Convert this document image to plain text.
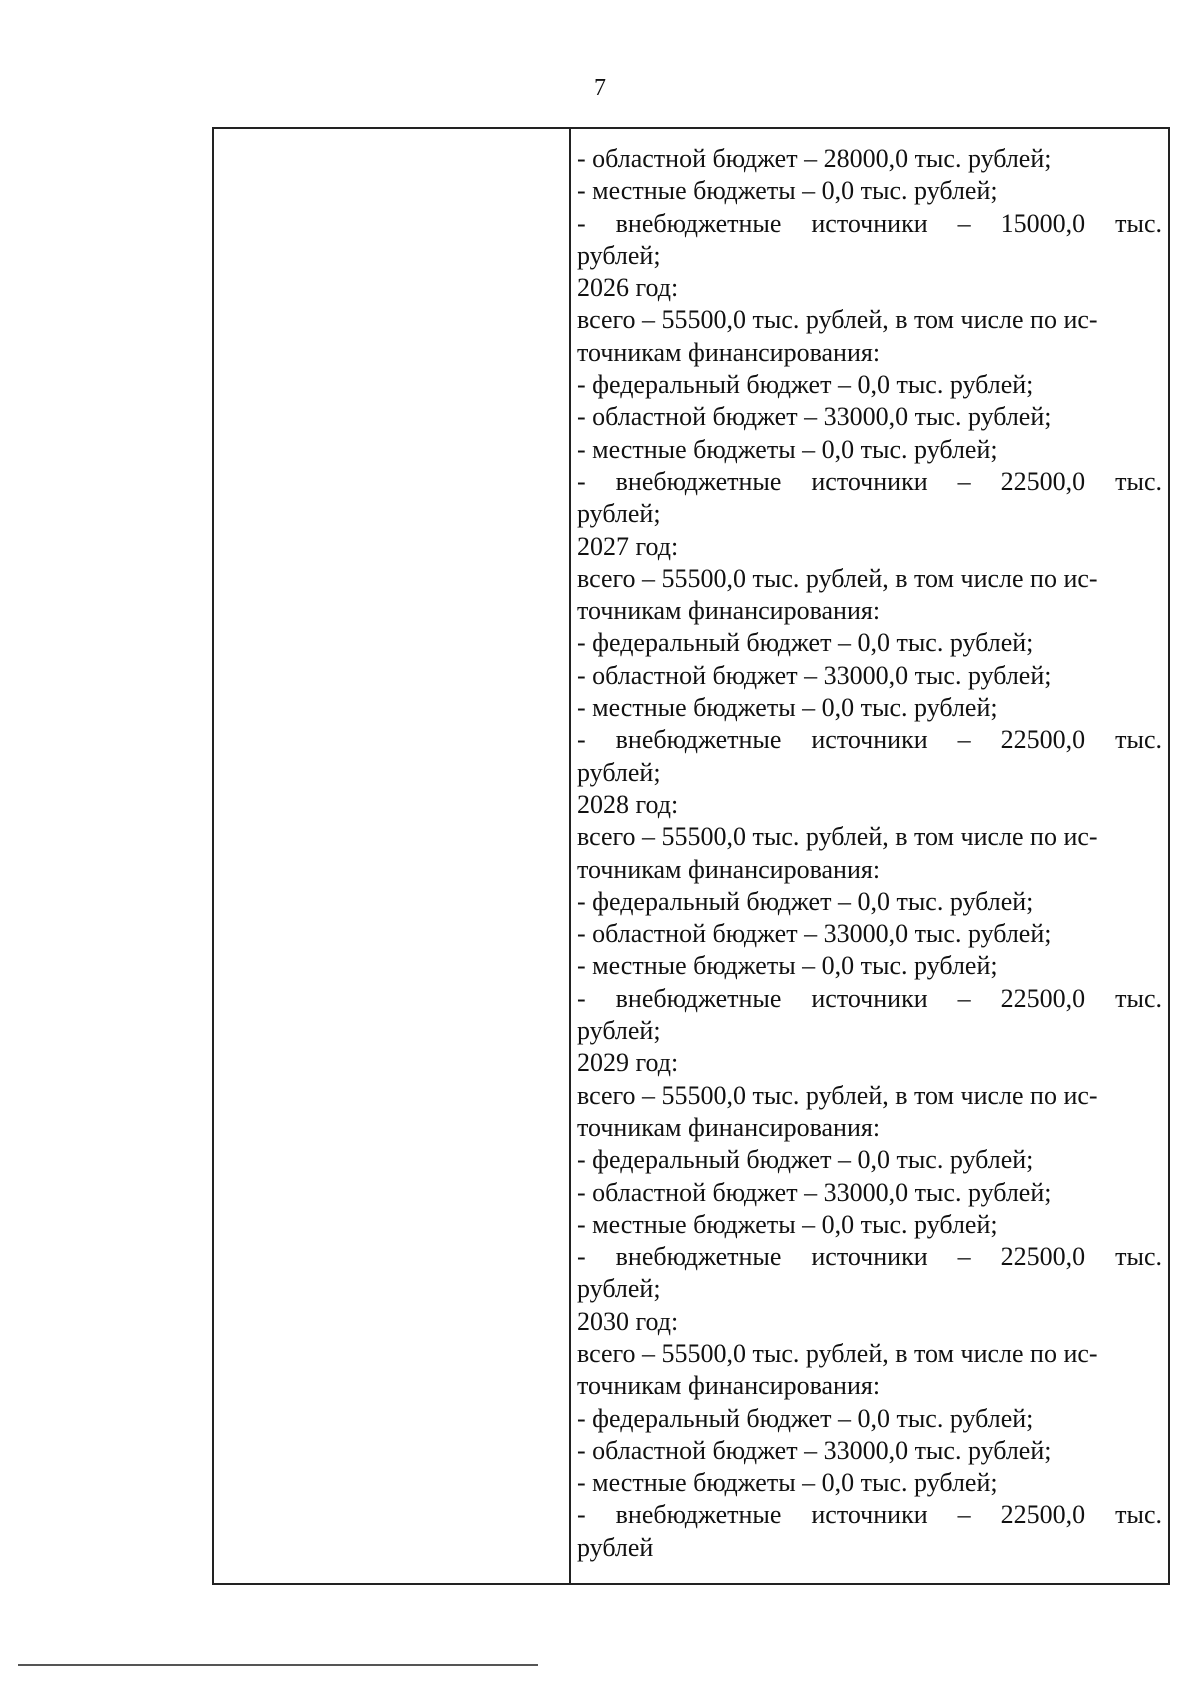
7
- областной бюджет – 28000,0 тыс. рублей;
- местные бюджеты – 0,0 тыс. рублей;
- внебюджетные источники – 15000,0 тыс.
рублей;
2026 год:
всего – 55500,0 тыс. рублей, в том числе по ис-
точникам финансирования:
- федеральный бюджет – 0,0 тыс. рублей;
- областной бюджет – 33000,0 тыс. рублей;
- местные бюджеты – 0,0 тыс. рублей;
- внебюджетные источники – 22500,0 тыс.
рублей;
2027 год:
всего – 55500,0 тыс. рублей, в том числе по ис-
точникам финансирования:
- федеральный бюджет – 0,0 тыс. рублей;
- областной бюджет – 33000,0 тыс. рублей;
- местные бюджеты – 0,0 тыс. рублей;
- внебюджетные источники – 22500,0 тыс.
рублей;
2028 год:
всего – 55500,0 тыс. рублей, в том числе по ис-
точникам финансирования:
- федеральный бюджет – 0,0 тыс. рублей;
- областной бюджет – 33000,0 тыс. рублей;
- местные бюджеты – 0,0 тыс. рублей;
- внебюджетные источники – 22500,0 тыс.
рублей;
2029 год:
всего – 55500,0 тыс. рублей, в том числе по ис-
точникам финансирования:
- федеральный бюджет – 0,0 тыс. рублей;
- областной бюджет – 33000,0 тыс. рублей;
- местные бюджеты – 0,0 тыс. рублей;
- внебюджетные источники – 22500,0 тыс.
рублей;
2030 год:
всего – 55500,0 тыс. рублей, в том числе по ис-
точникам финансирования:
- федеральный бюджет – 0,0 тыс. рублей;
- областной бюджет – 33000,0 тыс. рублей;
- местные бюджеты – 0,0 тыс. рублей;
- внебюджетные источники – 22500,0 тыс.
рублей
